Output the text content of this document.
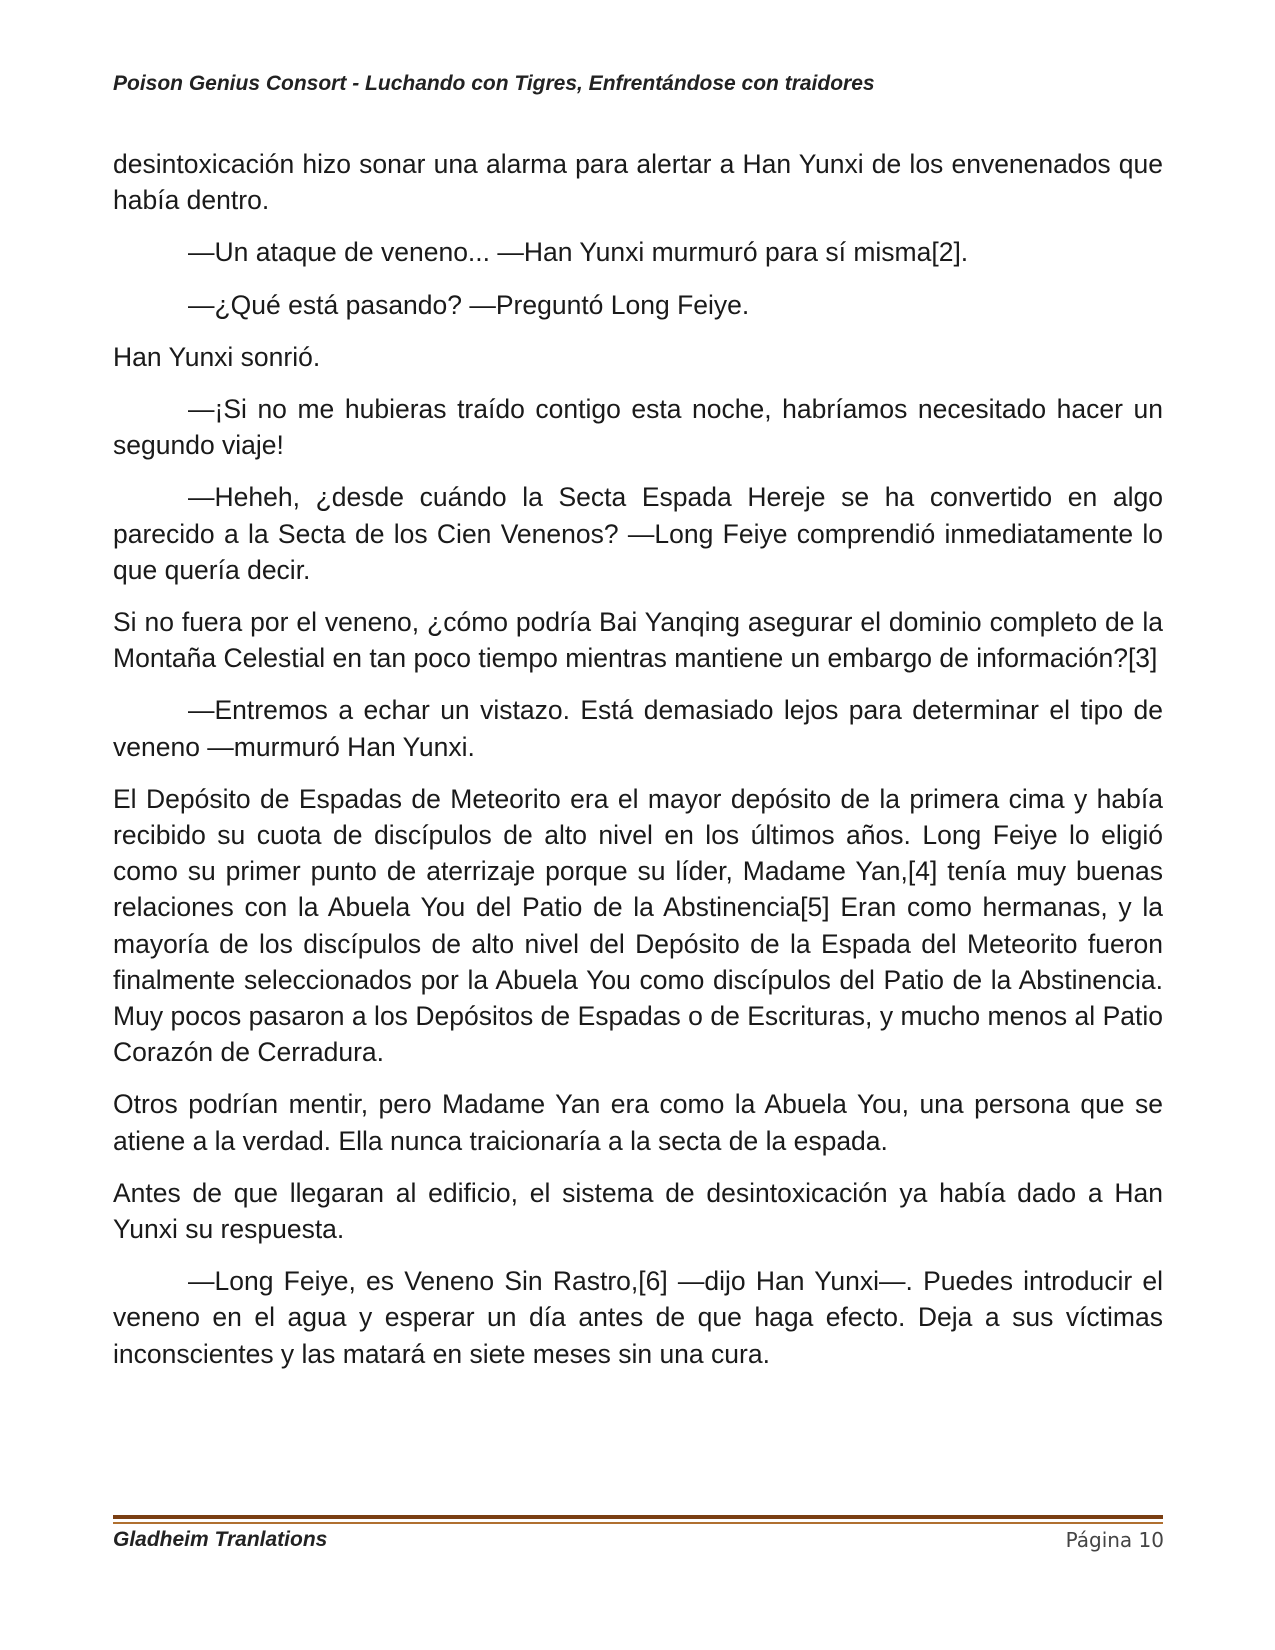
Poison Genius Consort - Luchando con Tigres, Enfrentándose con traidores

desintoxicación hizo sonar una alarma para alertar a Han Yunxi de los envenenados que había dentro.

—Un ataque de veneno... —Han Yunxi murmuró para sí misma[2].

—¿Qué está pasando? —Preguntó Long Feiye.

Han Yunxi sonrió.

—¡Si no me hubieras traído contigo esta noche, habríamos necesitado hacer un segundo viaje!

—Heheh, ¿desde cuándo la Secta Espada Hereje se ha convertido en algo parecido a la Secta de los Cien Venenos? —Long Feiye comprendió inmediatamente lo que quería decir.

Si no fuera por el veneno, ¿cómo podría Bai Yanqing asegurar el dominio completo de la Montaña Celestial en tan poco tiempo mientras mantiene un embargo de información?[3]

—Entremos a echar un vistazo. Está demasiado lejos para determinar el tipo de veneno —murmuró Han Yunxi.

El Depósito de Espadas de Meteorito era el mayor depósito de la primera cima y había recibido su cuota de discípulos de alto nivel en los últimos años. Long Feiye lo eligió como su primer punto de aterrizaje porque su líder, Madame Yan,[4] tenía muy buenas relaciones con la Abuela You del Patio de la Abstinencia[5] Eran como hermanas, y la mayoría de los discípulos de alto nivel del Depósito de la Espada del Meteorito fueron finalmente seleccionados por la Abuela You como discípulos del Patio de la Abstinencia. Muy pocos pasaron a los Depósitos de Espadas o de Escrituras, y mucho menos al Patio Corazón de Cerradura.

Otros podrían mentir, pero Madame Yan era como la Abuela You, una persona que se atiene a la verdad. Ella nunca traicionaría a la secta de la espada.

Antes de que llegaran al edificio, el sistema de desintoxicación ya había dado a Han Yunxi su respuesta.

—Long Feiye, es Veneno Sin Rastro,[6] —dijo Han Yunxi—. Puedes introducir el veneno en el agua y esperar un día antes de que haga efecto. Deja a sus víctimas inconscientes y las matará en siete meses sin una cura.

Gladheim Tranlations	Página 10
